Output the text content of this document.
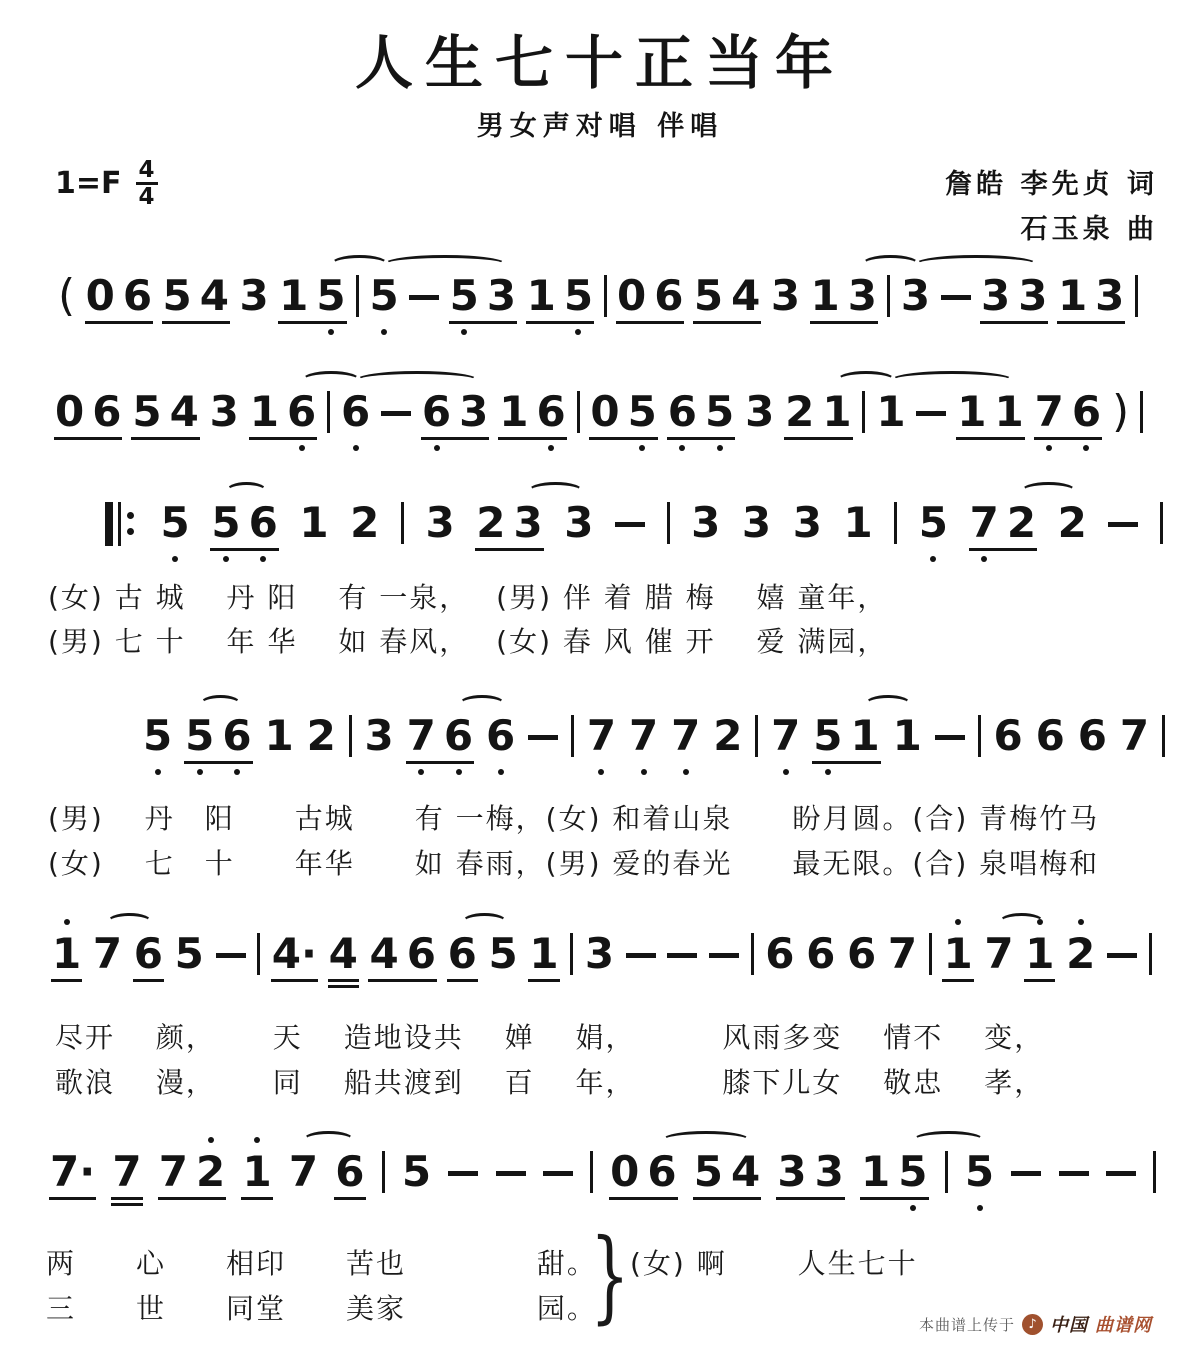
人生七十正当年
男女声对唱 伴唱
$1=F \frac{4}{4}$	詹皓 李先贞 词
石玉泉 曲
( 0 6 5 4 3 1 5 5 5 3 1 5 0 6 5 4 3 1 3 3 3 3 1 3
0 6 5 4 3 1 6 6 6 3 1 6 0 5 6 5 3 2 1 1 1 1 7 6 )
5 5 6 1 2 3 2 3 3 3 3 3 1 5 7 2 2
5 5 6 1 2 3 7 6 6 7 7 7 2 7 5 1 1 6 6 6 7
1 7 6 5 4· 4 4 6 6 5 1 3	6 6 6 7 1 7 1 2
7· 7 7 2 1 7 6 5	0 6 5 4 3 3 1 5 5
(女) 古 城　 丹 阳　 有 一泉，　 (男) 伴 着 腊 梅　 嬉 童年，
(男) 七 十　 年 华　 如 春风，　 (女) 春 风 催 开　 爱 满园，
(男)　 丹　阳　　古城　　有 一梅，(女) 和着山泉　　盼月圆。(合) 青梅竹马
(女)　 七　十　　年华　　如 春雨，(男) 爱的春光　　最无限。(合) 泉唱梅和
尽开　 颜，　　 天　 造地设共　 婵　 娟，　　　 风雨多变　 情不　 变，
歌浪　 漫，　　 同　 船共渡到　 百　 年，　　　 膝下儿女　 敬忠　 孝，
两　　心　　相印　　苦也　　　　 甜。 (女) 啊　　 人生七十
三　　世　　同堂　　美家　　　　 园。
}	本曲谱上传于	♪ 中国 曲谱网
